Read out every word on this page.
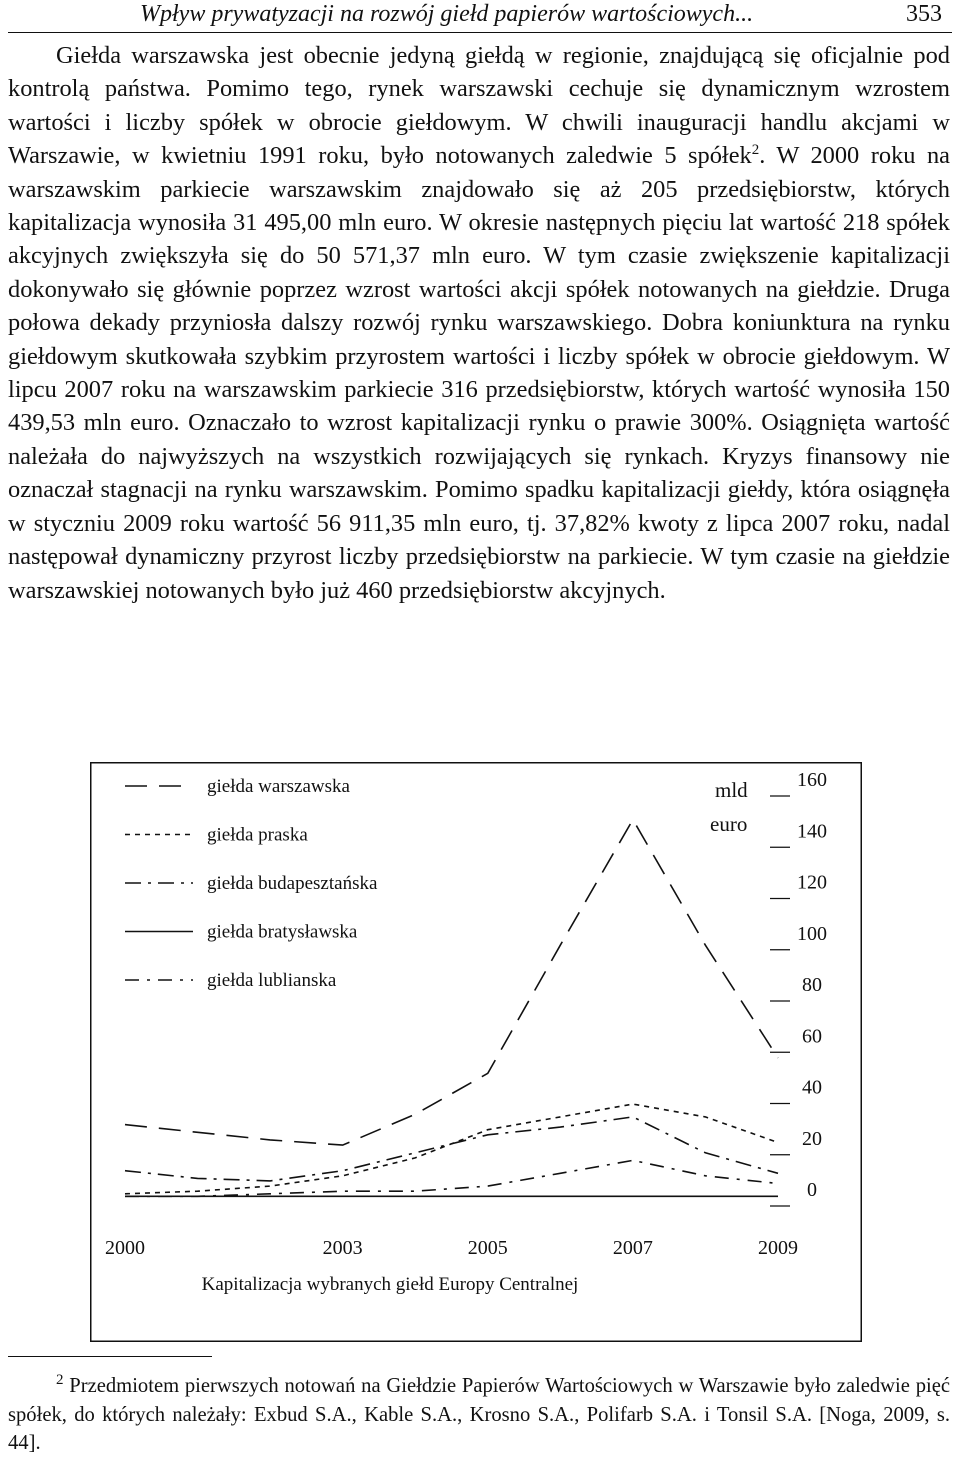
Wpływ prywatyzacji na rozwój giełd papierów wartościowych...	353

Giełda warszawska jest obecnie jedyną giełdą w regionie, znajdującą się oficjalnie pod kontrolą państwa. Pomimo tego, rynek warszawski cechuje się dynamicznym wzrostem wartości i liczby spółek w obrocie giełdowym. W chwili inauguracji handlu akcjami w Warszawie, w kwietniu 1991 roku, było notowanych zaledwie 5 spółek$^2$. W 2000 roku na warszawskim parkiecie warszawskim znajdowało się aż 205 przedsiębiorstw, których kapitalizacja wynosiła 31 495,00 mln euro. W okresie następnych pięciu lat wartość 218 spółek akcyjnych zwiększyła się do 50 571,37 mln euro. W tym czasie zwiększenie kapitalizacji dokonywało się głównie poprzez wzrost wartości akcji spółek notowanych na giełdzie. Druga połowa dekady przyniosła dalszy rozwój rynku warszawskiego. Dobra koniunktura na rynku giełdowym skutkowała szybkim przyrostem wartości i liczby spółek w obrocie giełdowym. W lipcu 2007 roku na warszawskim parkiecie 316 przedsiębiorstw, których wartość wynosiła 150 439,53 mln euro. Oznaczało to wzrost kapitalizacji rynku o prawie 300%. Osiągnięta wartość należała do najwyższych na wszystkich rozwijających się rynkach. Kryzys finansowy nie oznaczał stagnacji na rynku warszawskim. Pomimo spadku kapitalizacji giełdy, która osiągnęła w styczniu 2009 roku wartość 56 911,35 mln euro, tj. 37,82% kwoty z lipca 2007 roku, nadal następował dynamiczny przyrost liczby przedsiębiorstw na parkiecie. W tym czasie na giełdzie warszawskiej notowanych było już 460 przedsiębiorstw akcyjnych.

giełda warszawska
giełda praska
giełda budapesztańska
giełda bratysławska
giełda lublianska
0
20
40
60
80
100
120
140
160
2000	2003	2005	2007	2009
mld
euro
Kapitalizacja wybranych giełd Europy Centralnej

$^2$ Przedmiotem pierwszych notowań na Giełdzie Papierów Wartościowych w Warszawie było zaledwie pięć spółek, do których należały: Exbud S.A., Kable S.A., Krosno S.A., Polifarb S.A. i Tonsil S.A. [Noga, 2009, s. 44].
